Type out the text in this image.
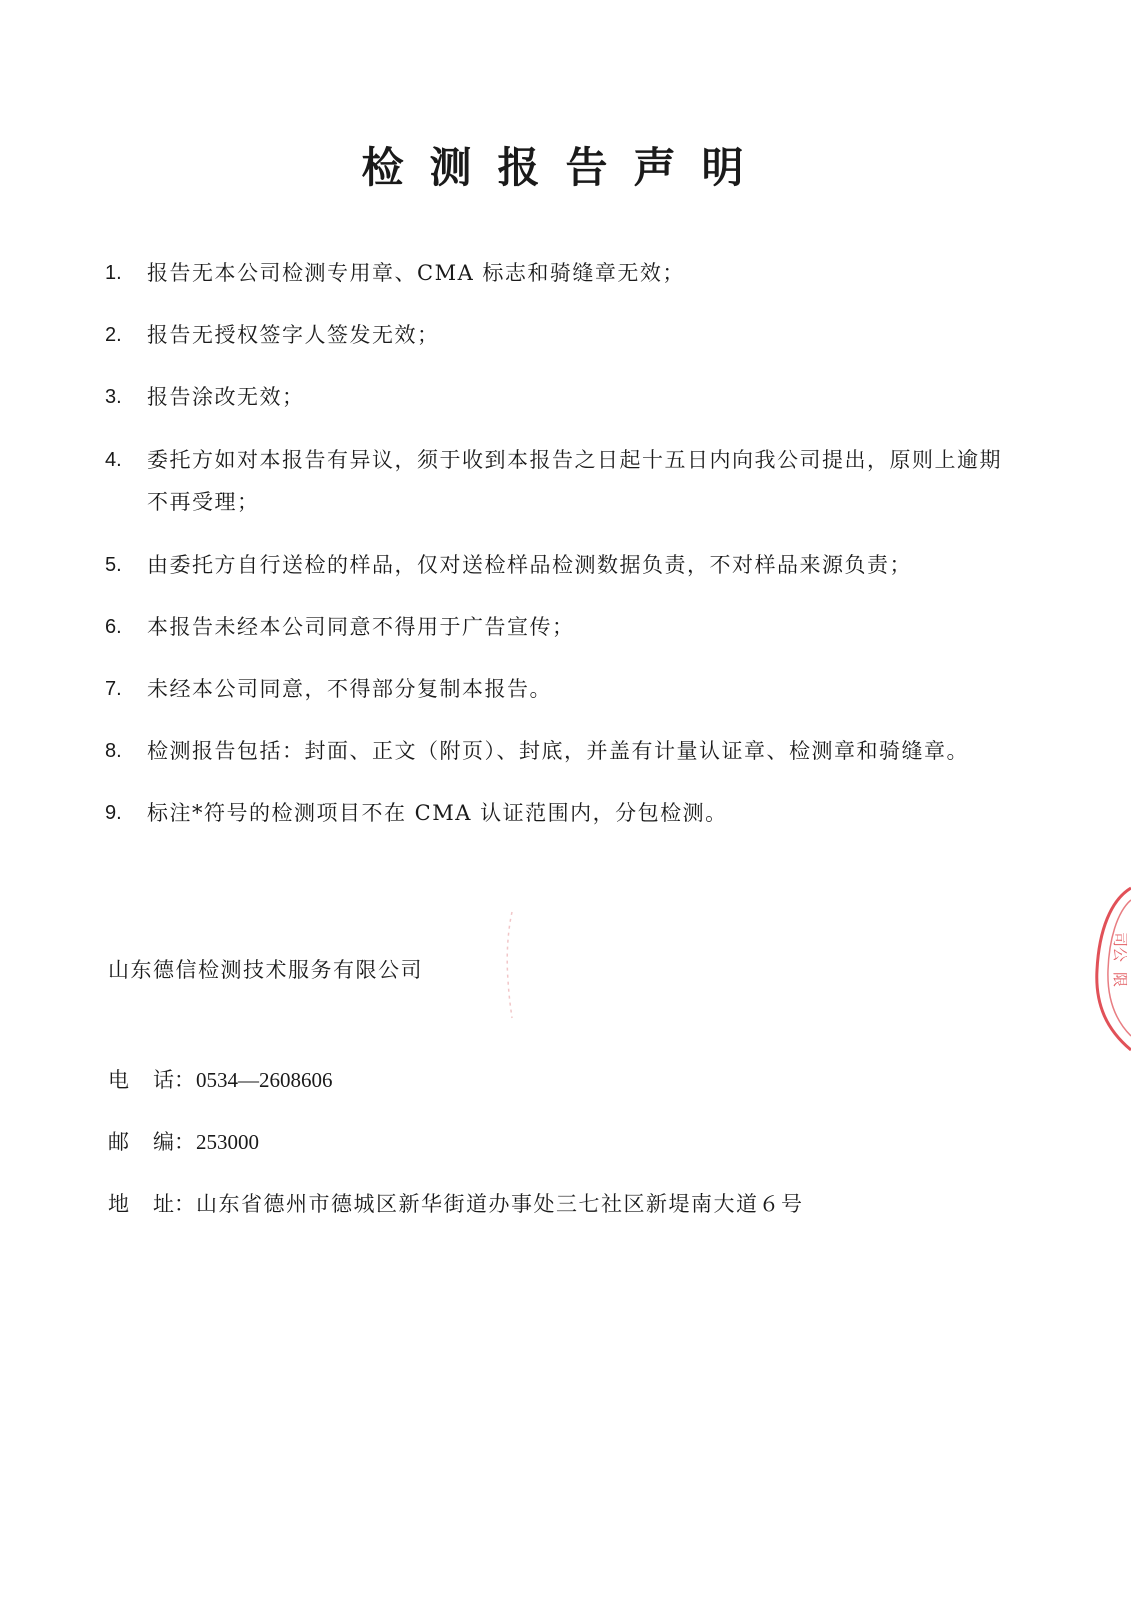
检测报告声明
1.	报告无本公司检测专用章、CMA 标志和骑缝章无效；
2.	报告无授权签字人签发无效；
3.	报告涂改无效；
4.	委托方如对本报告有异议，须于收到本报告之日起十五日内向我公司提出，原则上逾期
不再受理；
5.	由委托方自行送检的样品，仅对送检样品检测数据负责，不对样品来源负责；
6.	本报告未经本公司同意不得用于广告宣传；
7.	未经本公司同意，不得部分复制本报告。
8.	检测报告包括：封面、正文（附页）、封底，并盖有计量认证章、检测章和骑缝章。
9.	标注*符号的检测项目不在 CMA 认证范围内，分包检测。
山东德信检测技术服务有限公司
电 话：0534—2608606
邮 编：253000
地 址：山东省德州市德城区新华街道办事处三七社区新堤南大道６号
司公
限
